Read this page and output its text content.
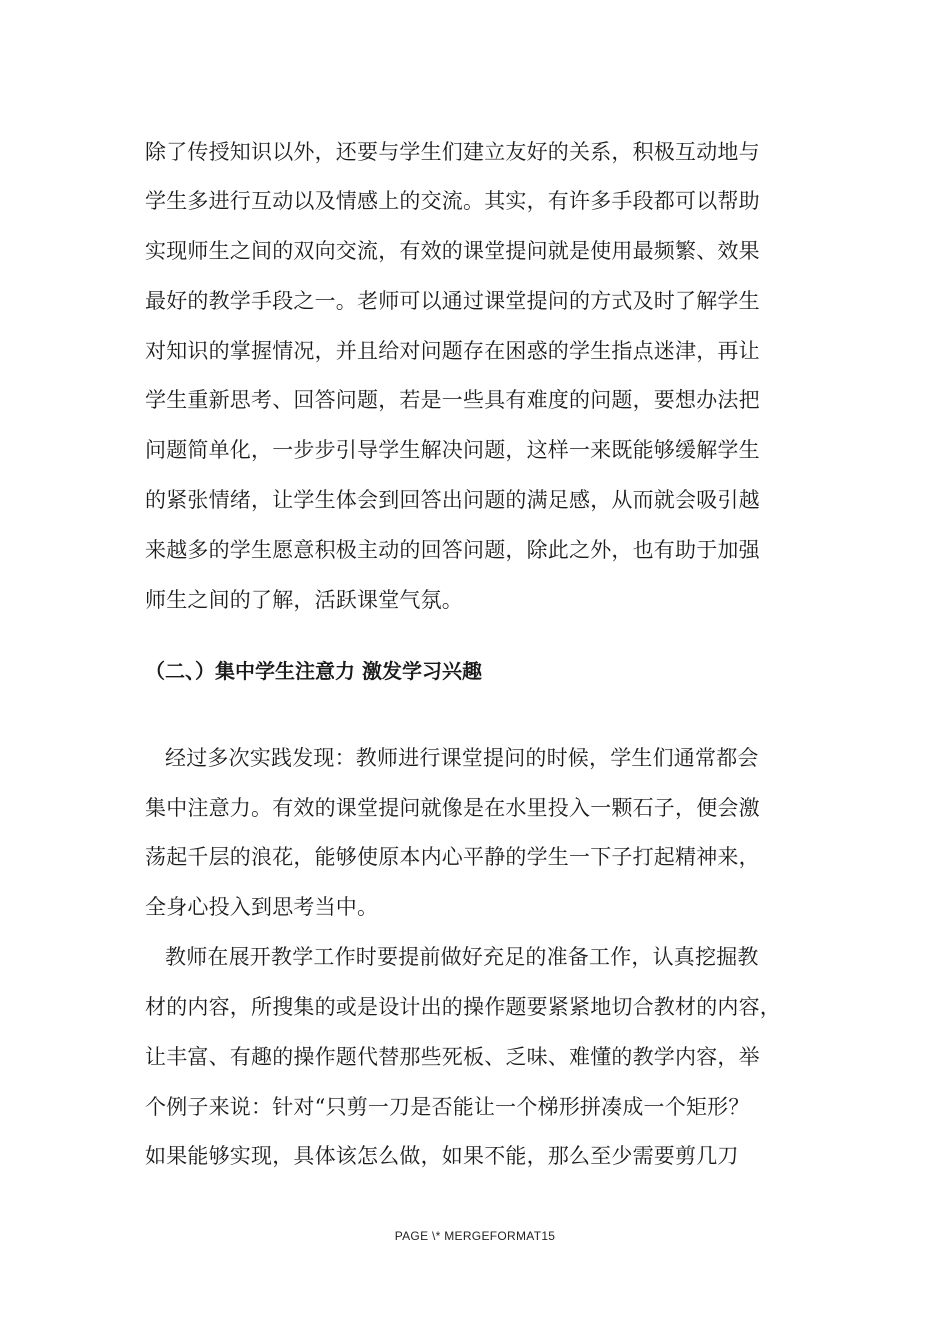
除了传授知识以外，还要与学生们建立友好的关系，积极互动地与
学生多进行互动以及情感上的交流。其实，有许多手段都可以帮助
实现师生之间的双向交流，有效的课堂提问就是使用最频繁、效果
最好的教学手段之一。老师可以通过课堂提问的方式及时了解学生
对知识的掌握情况，并且给对问题存在困惑的学生指点迷津，再让
学生重新思考、回答问题，若是一些具有难度的问题，要想办法把
问题简单化，一步步引导学生解决问题，这样一来既能够缓解学生
的紧张情绪，让学生体会到回答出问题的满足感，从而就会吸引越
来越多的学生愿意积极主动的回答问题，除此之外，也有助于加强
师生之间的了解，活跃课堂气氛。
（二、）集中学生注意力 激发学习兴趣
经过多次实践发现：教师进行课堂提问的时候，学生们通常都会
集中注意力。有效的课堂提问就像是在水里投入一颗石子，便会激
荡起千层的浪花，能够使原本内心平静的学生一下子打起精神来，
全身心投入到思考当中。
教师在展开教学工作时要提前做好充足的准备工作，认真挖掘教
材的内容，所搜集的或是设计出的操作题要紧紧地切合教材的内容，
让丰富、有趣的操作题代替那些死板、乏味、难懂的教学内容，举
个例子来说：针对“只剪一刀是否能让一个梯形拼凑成一个矩形？
如果能够实现，具体该怎么做，如果不能，那么至少需要剪几刀
PAGE \* MERGEFORMAT15
